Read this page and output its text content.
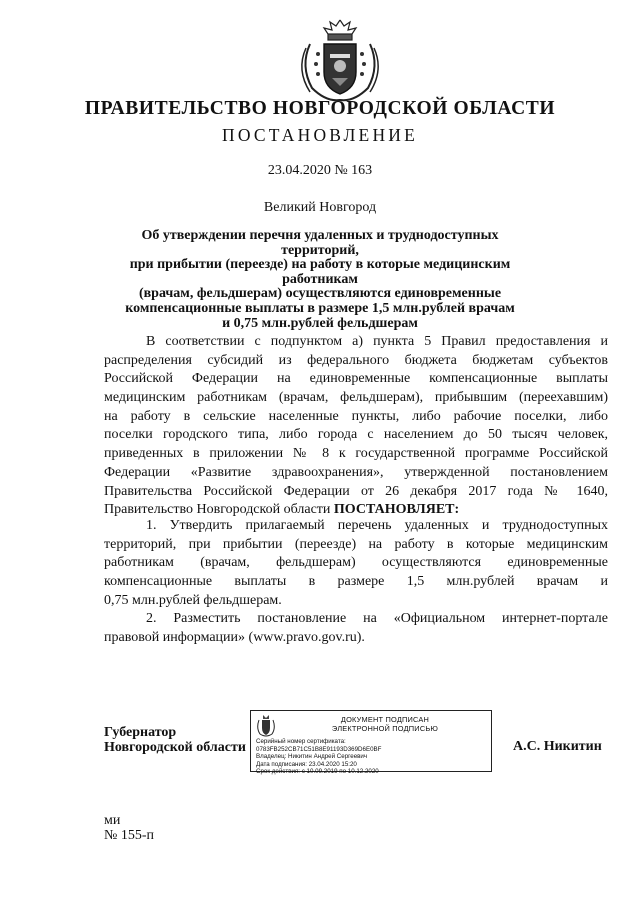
ПРАВИТЕЛЬСТВО НОВГОРОДСКОЙ ОБЛАСТИ
ПОСТАНОВЛЕНИЕ
23.04.2020 № 163
Великий Новгород
Об утверждении перечня удаленных и труднодоступных территорий,
при прибытии (переезде) на работу в которые медицинским работникам
(врачам, фельдшерам) осуществляются единовременные
компенсационные выплаты в размере 1,5 млн.рублей врачам
и 0,75 млн.рублей фельдшерам
В соответствии с подпунктом а) пункта 5 Правил предоставления и
распределения субсидий из федерального бюджета бюджетам субъектов
Российской Федерации на единовременные компенсационные выплаты
медицинским работникам (врачам, фельдшерам), прибывшим (переехавшим)
на работу в сельские населенные пункты, либо рабочие поселки, либо
поселки городского типа, либо города с населением до 50 тысяч человек,
приведенных в приложении № 8 к государственной программе Российской
Федерации «Развитие здравоохранения», утвержденной постановлением
Правительства Российской Федерации от 26 декабря 2017 года № 1640,
Правительство Новгородской области ПОСТАНОВЛЯЕТ:
1. Утвердить прилагаемый перечень удаленных и труднодоступных
территорий, при прибытии (переезде) на работу в которые медицинским
работникам (врачам, фельдшерам) осуществляются единовременные
компенсационные выплаты в размере 1,5 млн.рублей врачам и
0,75 млн.рублей фельдшерам.
2. Разместить постановление на «Официальном интернет-портале
правовой информации» (www.pravo.gov.ru).
Губернатор
Новгородской области
ДОКУМЕНТ ПОДПИСАН
ЭЛЕКТРОННОЙ ПОДПИСЬЮ
Серийный номер сертификата:
0783FB252CB71C51B8E91193D369D6E0BF
Владелец: Никитин Андрей Сергеевич
Дата подписания: 23.04.2020 15:20
Срок действия: с 10.09.2019 по 10.12.2020
А.С. Никитин
ми
№ 155-п
